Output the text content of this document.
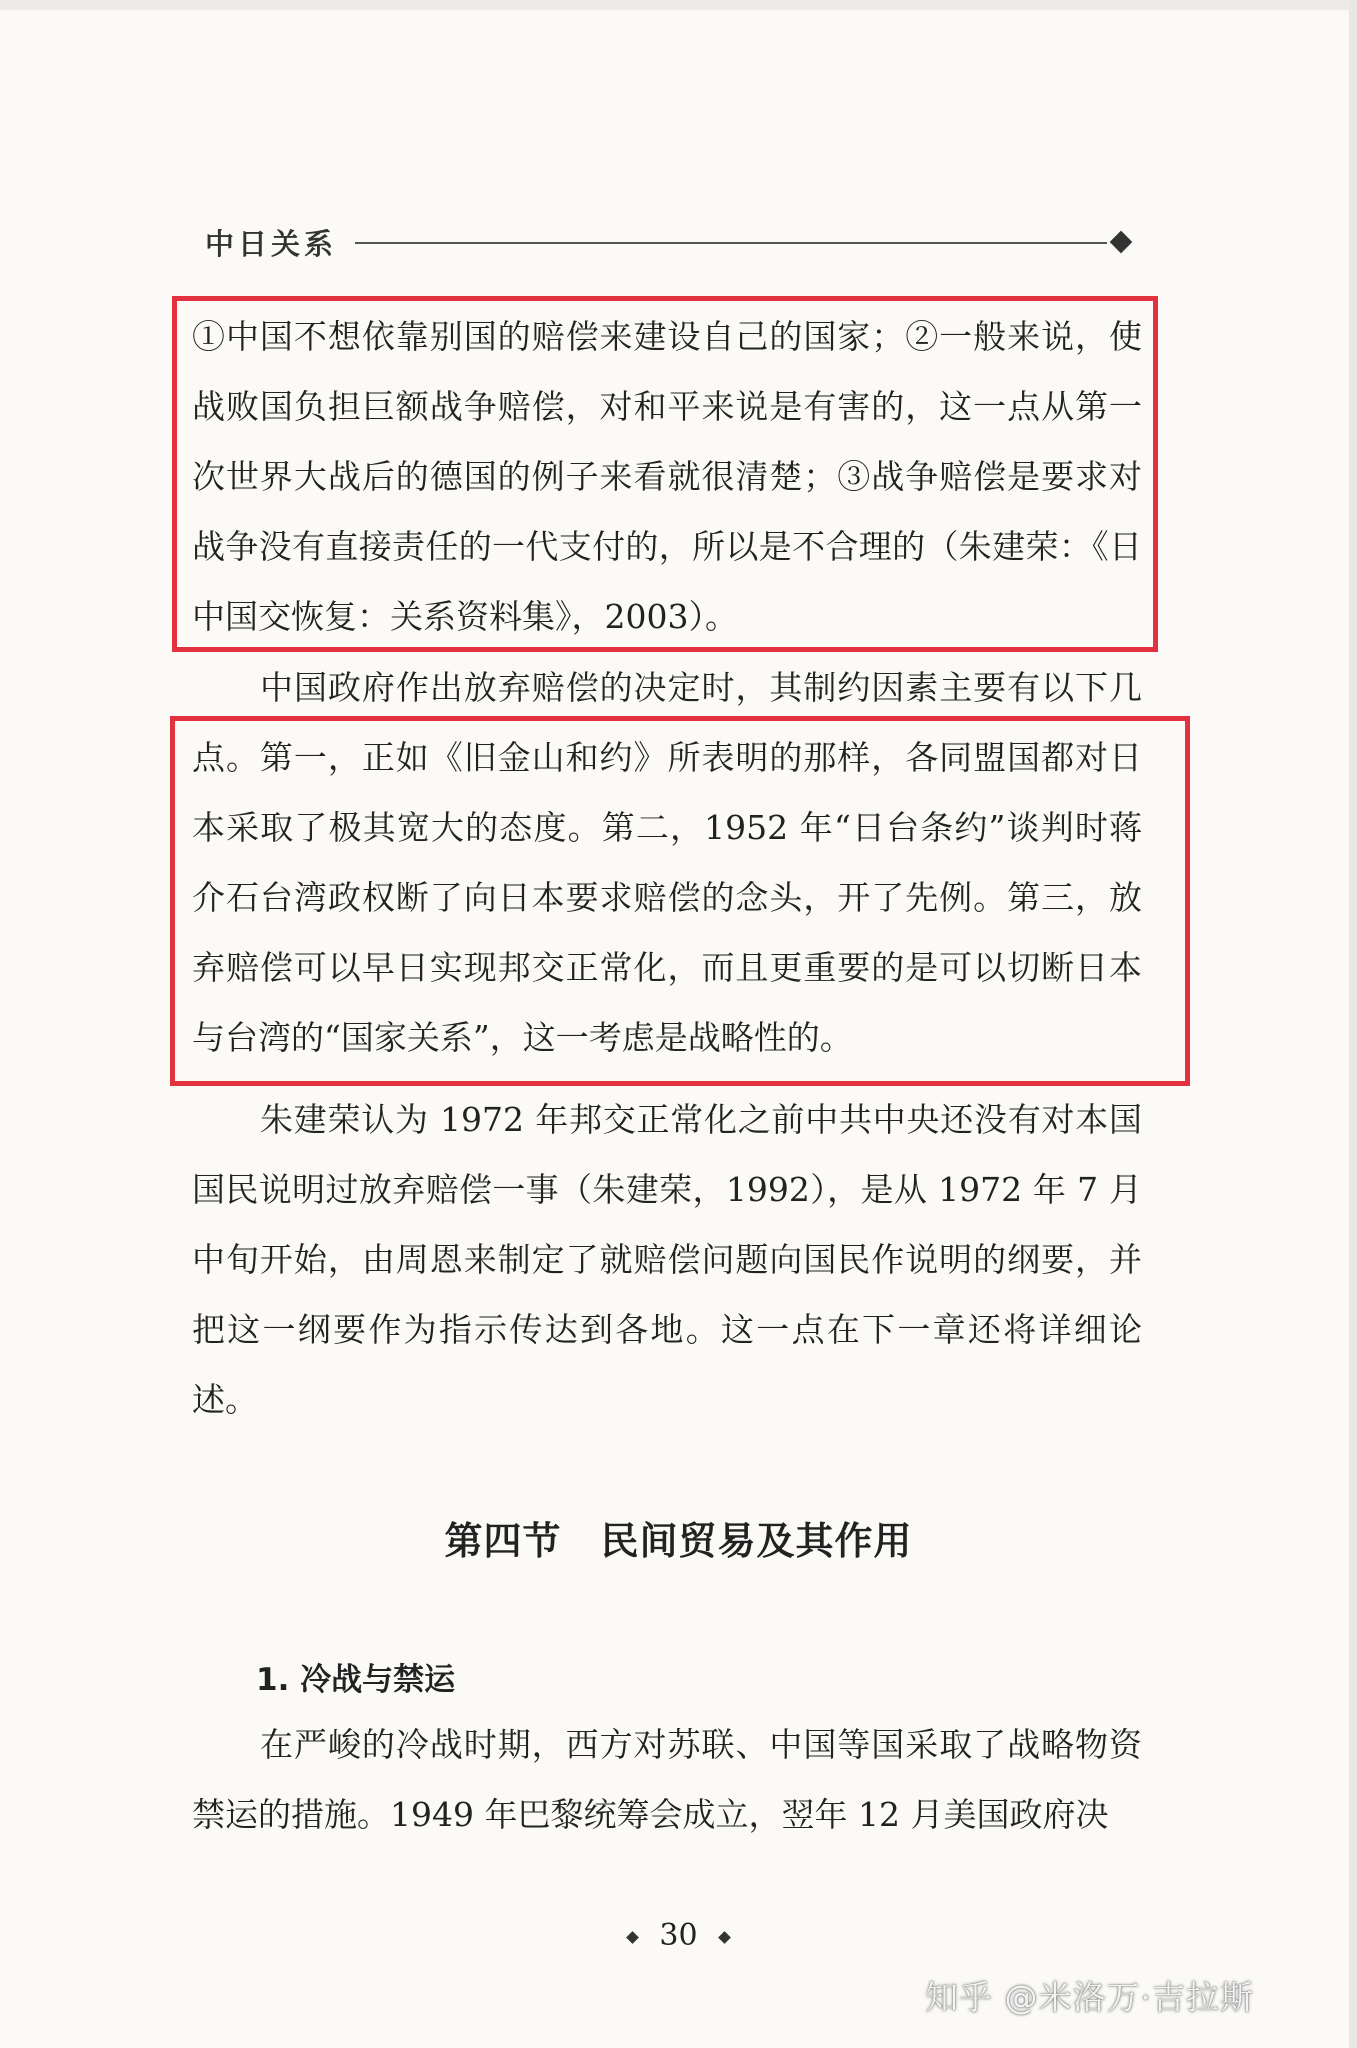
中日关系

①中国不想依靠别国的赔偿来建设自己的国家；②一般来说，使战败国负担巨额战争赔偿，对和平来说是有害的，这一点从第一次世界大战后的德国的例子来看就很清楚；③战争赔偿是要求对战争没有直接责任的一代支付的，所以是不合理的（朱建荣：《日中国交恢复：关系资料集》，2003）。

中国政府作出放弃赔偿的决定时，其制约因素主要有以下几点。第一，正如《旧金山和约》所表明的那样，各同盟国都对日本采取了极其宽大的态度。第二，1952 年“日台条约”谈判时蒋介石台湾政权断了向日本要求赔偿的念头，开了先例。第三，放弃赔偿可以早日实现邦交正常化，而且更重要的是可以切断日本与台湾的“国家关系”，这一考虑是战略性的。

朱建荣认为 1972 年邦交正常化之前中共中央还没有对本国国民说明过放弃赔偿一事（朱建荣，1992），是从 1972 年 7 月中旬开始，由周恩来制定了就赔偿问题向国民作说明的纲要，并把这一纲要作为指示传达到各地。这一点在下一章还将详细论述。

第四节　民间贸易及其作用
1. 冷战与禁运

在严峻的冷战时期，西方对苏联、中国等国采取了战略物资禁运的措施。1949 年巴黎统筹会成立，翌年 12 月美国政府决

30
知乎 @米洛万·吉拉斯
